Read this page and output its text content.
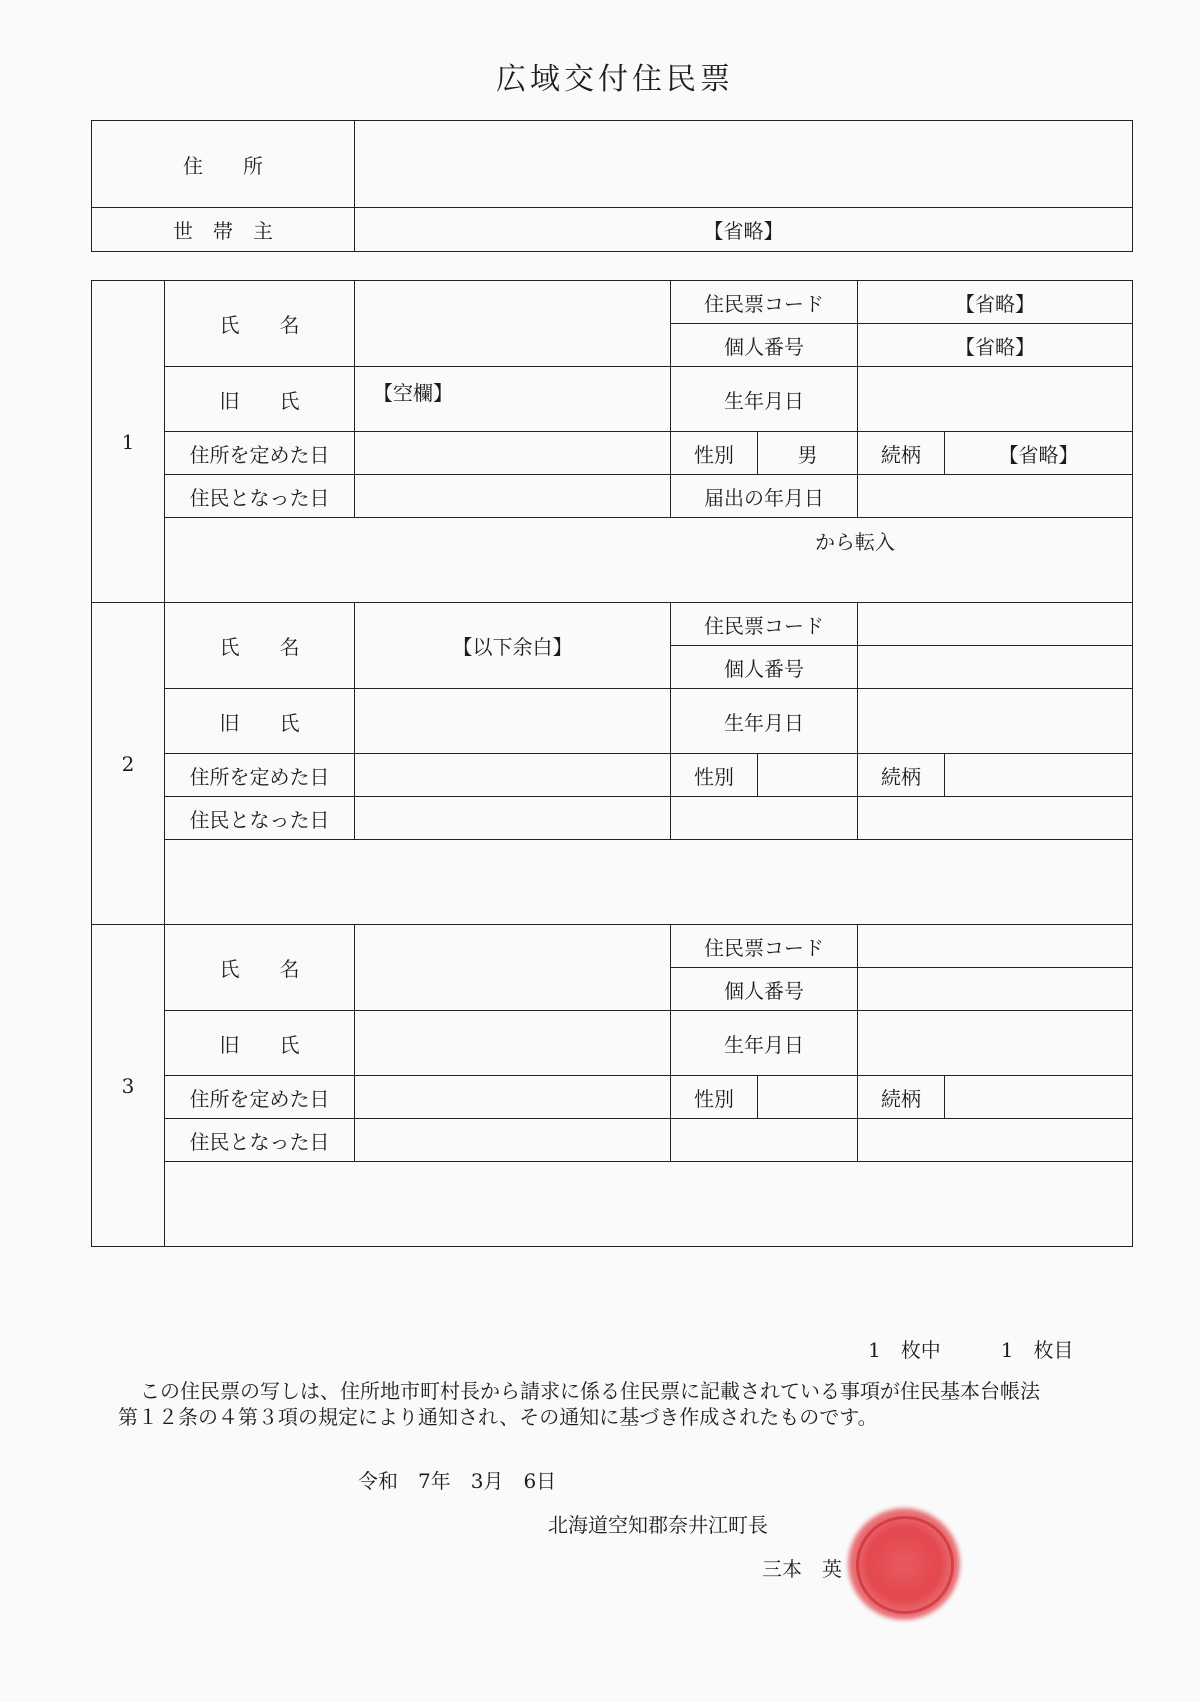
広域交付住民票
住　　所	
世　帯　主	【省略】
1	氏　　名		住民票コード		【省略】	
			個人番号		【省略】	
	旧　　氏	【空欄】	生年月日			
	住所を定めた日		性別	男	続柄	【省略】
	住民となった日		届出の年月日			
	から転入					

2	氏　　名	【以下余白】	住民票コード			
			個人番号			
	旧　　氏		生年月日			
	住所を定めた日		性別		続柄	
	住民となった日					

3	氏　　名		住民票コード			
			個人番号			
	旧　　氏		生年月日			
	住所を定めた日		性別		続柄	
	住民となった日					

1　枚中　　　1　枚目
この住民票の写しは、住所地市町村長から請求に係る住民票に記載されている事項が住民基本台帳法
第１２条の４第３項の規定により通知され、その通知に基づき作成されたものです。
令和　7年　3月　6日
北海道空知郡奈井江町長
三本　英
